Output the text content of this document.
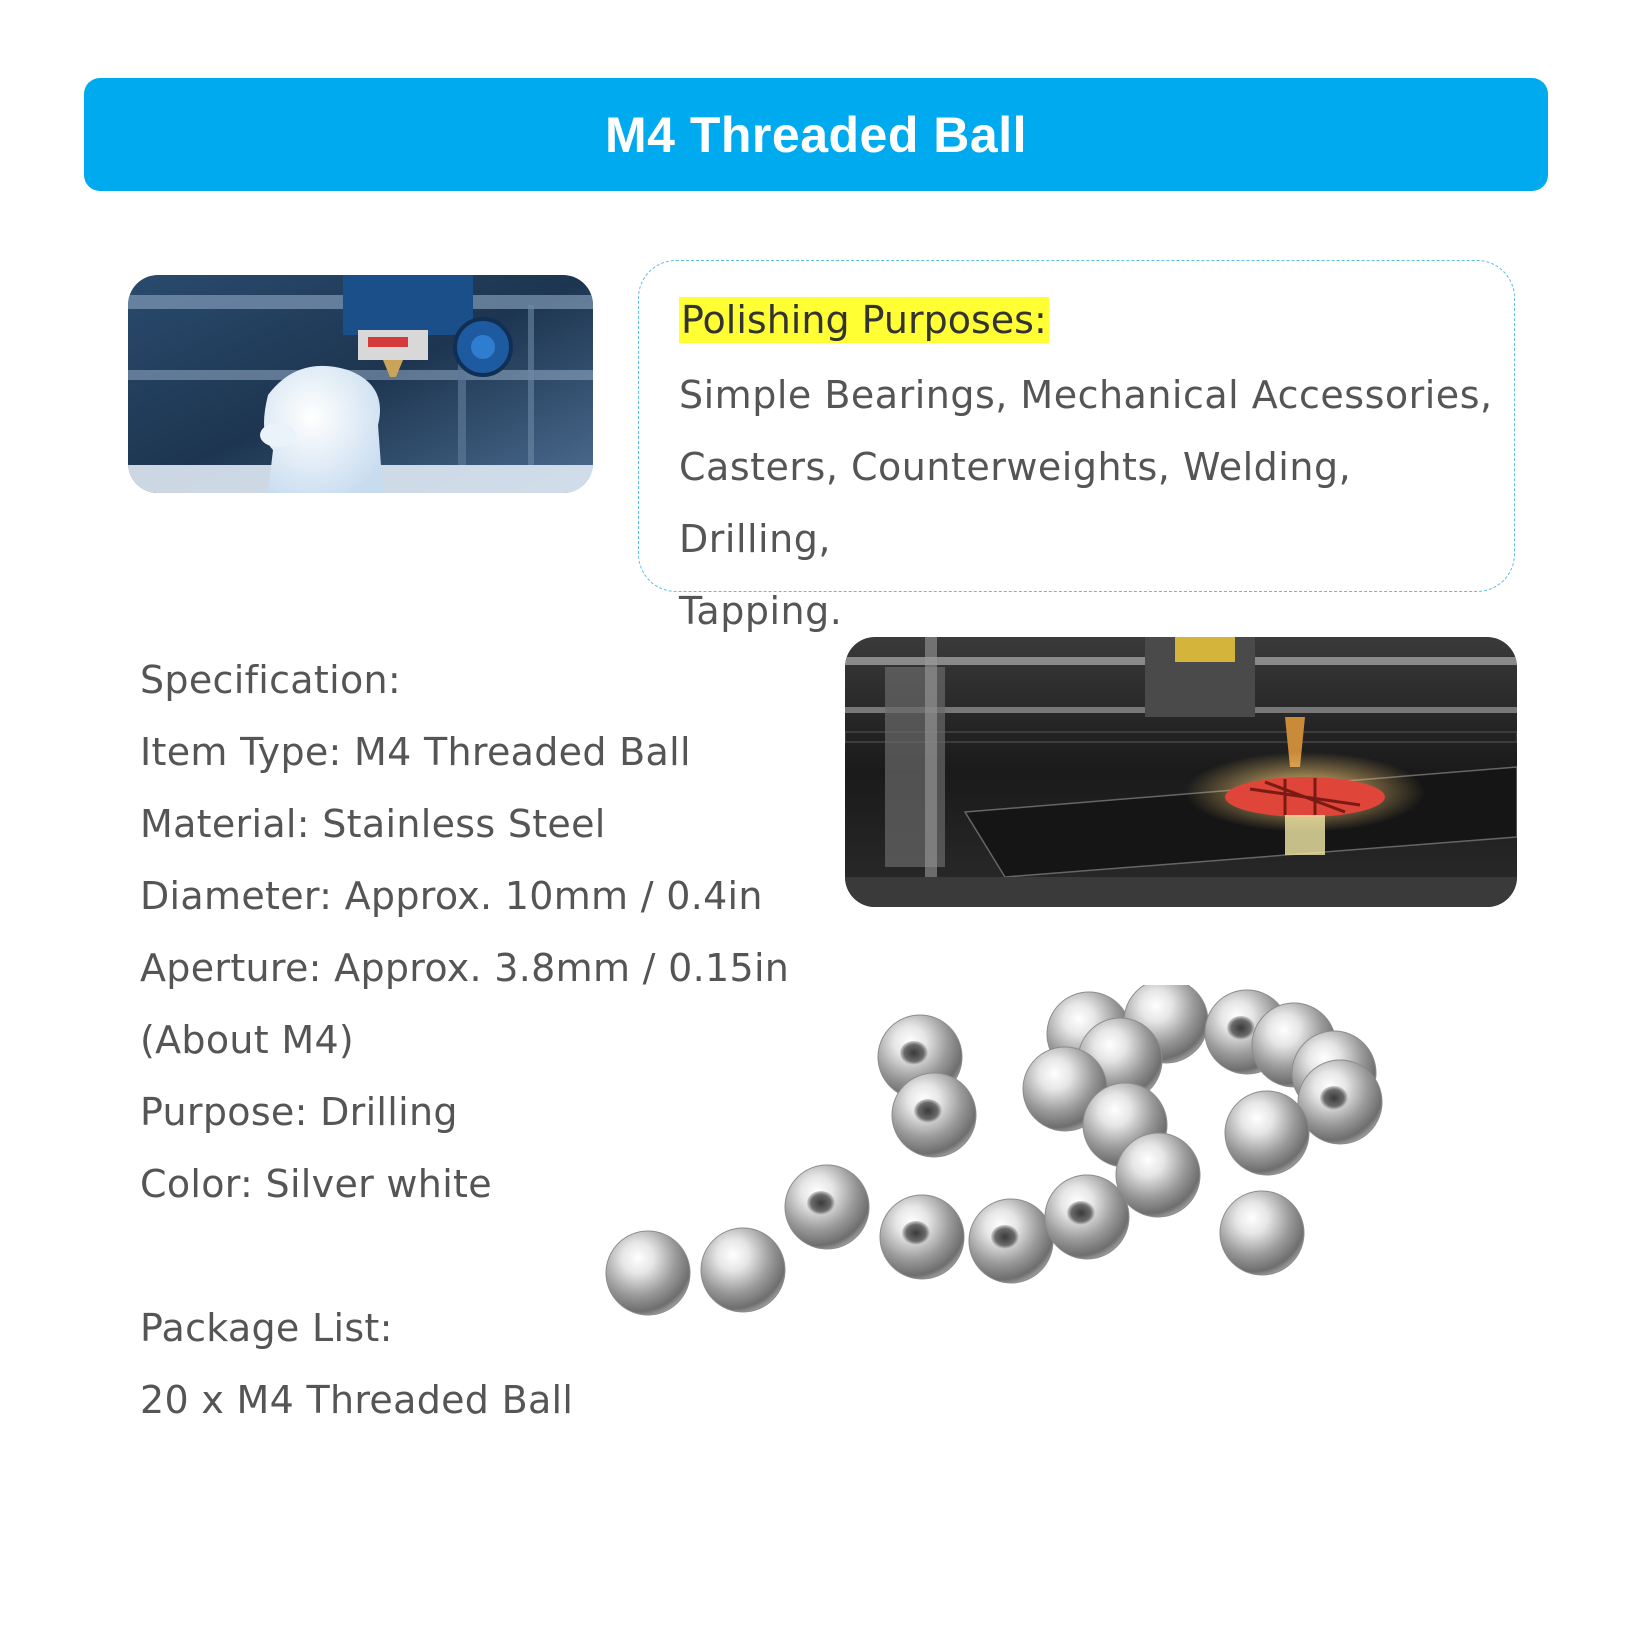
M4 Threaded Ball
Polishing Purposes:
Simple Bearings, Mechanical Accessories,
Casters, Counterweights, Welding, Drilling,
Tapping.
Specification:
Item Type: M4 Threaded Ball
Material: Stainless Steel
Diameter: Approx. 10mm / 0.4in
Aperture: Approx. 3.8mm / 0.15in
(About M4)
Purpose: Drilling
Color: Silver white
Package List:
20 x M4 Threaded Ball
